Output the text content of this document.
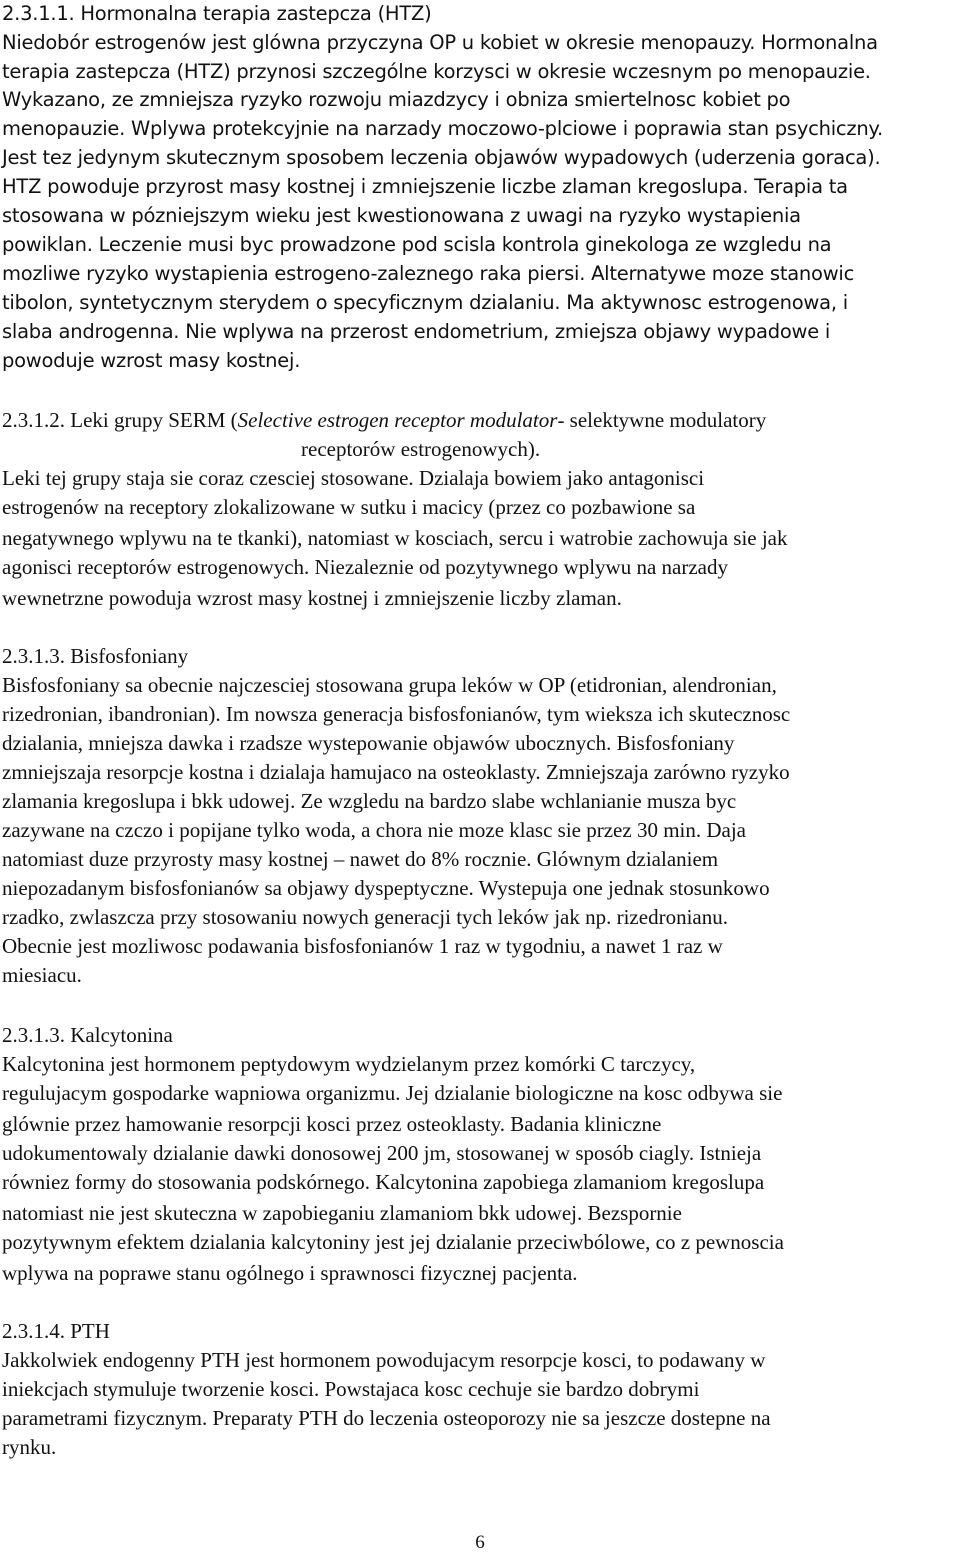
2.3.1.1. Hormonalna terapia zastepcza (HTZ)
Niedobór estrogenów jest glówna przyczyna OP u kobiet w okresie menopauzy. Hormonalna
terapia zastepcza (HTZ) przynosi szczególne korzysci w okresie wczesnym po menopauzie.
Wykazano, ze zmniejsza ryzyko rozwoju miazdzycy i obniza smiertelnosc kobiet po
menopauzie. Wplywa protekcyjnie na narzady moczowo-plciowe i poprawia stan psychiczny.
Jest tez jedynym skutecznym sposobem leczenia objawów wypadowych (uderzenia goraca).
HTZ powoduje przyrost masy kostnej i zmniejszenie liczbe zlaman kregoslupa. Terapia ta
stosowana w pózniejszym wieku jest kwestionowana z uwagi na ryzyko wystapienia
powiklan. Leczenie musi byc prowadzone pod scisla kontrola ginekologa ze wzgledu na
mozliwe ryzyko wystapienia estrogeno-zaleznego raka piersi. Alternatywe moze stanowic
tibolon, syntetycznym sterydem o specyficznym dzialaniu. Ma aktywnosc estrogenowa, i
slaba androgenna. Nie wplywa na przerost endometrium, zmiejsza objawy wypadowe i
powoduje wzrost masy kostnej.
2.3.1.2. Leki grupy SERM (Selective estrogen receptor modulator- selektywne modulatory
receptorów estrogenowych).
Leki tej grupy staja sie coraz czesciej stosowane. Dzialaja bowiem jako antagonisci
estrogenów na receptory zlokalizowane w sutku i macicy (przez co pozbawione sa
negatywnego wplywu na te tkanki), natomiast w kosciach, sercu i watrobie zachowuja sie jak
agonisci receptorów estrogenowych. Niezaleznie od pozytywnego wplywu na narzady
wewnetrzne powoduja wzrost masy kostnej i zmniejszenie liczby zlaman.
2.3.1.3. Bisfosfoniany
Bisfosfoniany sa obecnie najczesciej stosowana grupa leków w OP (etidronian, alendronian,
rizedronian, ibandronian). Im nowsza generacja bisfosfonianów, tym wieksza ich skutecznosc
dzialania, mniejsza dawka i rzadsze wystepowanie objawów ubocznych. Bisfosfoniany
zmniejszaja resorpcje kostna i dzialaja hamujaco na osteoklasty. Zmniejszaja zarówno ryzyko
zlamania kregoslupa i bkk udowej. Ze wzgledu na bardzo slabe wchlanianie musza byc
zazywane na czczo i popijane tylko woda, a chora nie moze klasc sie przez 30 min. Daja
natomiast duze przyrosty masy kostnej – nawet do 8% rocznie. Glównym dzialaniem
niepozadanym bisfosfonianów sa objawy dyspeptyczne. Wystepuja one jednak stosunkowo
rzadko, zwlaszcza przy stosowaniu nowych generacji tych leków jak np. rizedronianu.
Obecnie jest mozliwosc podawania bisfosfonianów 1 raz w tygodniu, a nawet 1 raz w
miesiacu.
2.3.1.3. Kalcytonina
Kalcytonina jest hormonem peptydowym wydzielanym przez komórki C tarczycy,
regulujacym gospodarke wapniowa organizmu. Jej dzialanie biologiczne na kosc odbywa sie
glównie przez hamowanie resorpcji kosci przez osteoklasty. Badania kliniczne
udokumentowaly dzialanie dawki donosowej 200 jm, stosowanej w sposób ciagly. Istnieja
równiez formy do stosowania podskórnego. Kalcytonina zapobiega zlamaniom kregoslupa
natomiast nie jest skuteczna w zapobieganiu zlamaniom bkk udowej. Bezspornie
pozytywnym efektem dzialania kalcytoniny jest jej dzialanie przeciwbólowe, co z pewnoscia
wplywa na poprawe stanu ogólnego i sprawnosci fizycznej pacjenta.
2.3.1.4. PTH
Jakkolwiek endogenny PTH jest hormonem powodujacym resorpcje kosci, to podawany w
iniekcjach stymuluje tworzenie kosci. Powstajaca kosc cechuje sie bardzo dobrymi
parametrami fizycznym. Preparaty PTH do leczenia osteoporozy nie sa jeszcze dostepne na
rynku.
6
